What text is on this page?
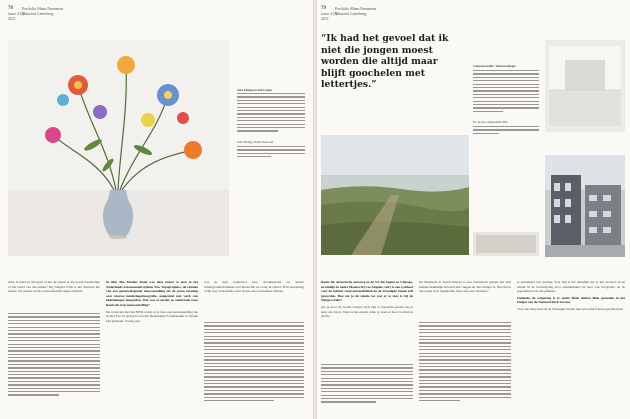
78
issue 4 (I)
2011
Portfolio Maan Eemnesse
Maureen Lenteberg
Sake Elzinga in Fall Colour
Sake Elzinga, Home Eenvoud

maar is kunst je afvragen of het de natuur is die wordt beschermd, of het beeld van die natuur? Bij Niagara Falls is het absoluut het laatste. De natuur wordt ook beschermd tegen zichzelf.

In film The Mother Road was deze zomer te zien in het Nederlands Fotomuseum tijdens New Topographics, de remake van een geenzwelegende tentoonstelling uit de jaren zeventig over nieuwe landschapsfotografie, aangevuld met werk van hedendaagse fotografen. Wat was er eerder, je onderzoek naar Route 66 of je tentoonstelling?

De contacten met het NFM waren er al door een tentoonstelling die ik met Fw: in opdracht van het Nederlands Fotomuseum in Spanie had gemaakt. Voorig jaar

was ik heel benieuwd naar documentatie en andere achtergrondinformatie over Route 66, en vroeg ik curator Frits Gierstberg of hij nog werk kende waar ik iets aan zou kunnen hebben.

79
issue 4 (I)
2011
Portfolio Maan Eemnesse
Maureen Lenteberg
“Ik had het gevoel dat ik niet die jongen moest worden die altijd maar blijft goochelen met lettertjes.”
Commonwealth / Dienstverlenger
Fw: Route, Amsterdam 2009

Route 66: historische autoweg in de VS die begint in Chicago, en eindigt in Santa Monica bij Los Angeles, red.) is een symbool voor de cultuur rond automobiliteit en de Verenigde Staten zelf geworden. Hoe zat je de relatie tot wat er te zien is bij de Niagara Falls?

Als je door de Grand Canyon rijdt zijn er bepaalde punten die je kent van foto's. Daar is het enorm druk, je staat er met z'n allen in de file.

De Badlands in South Dakota is een fantastisch gebied dat zich minder makkelijk in beeld laat vangen en dus rustiger is. Niet dat je daar geen bord tegenkomt, maar een paar 'tiptakes'.

er uitstekend wel gedaan. Voor mij is het duidelijk dat er iets erotisch in de natuur in de beschrijving door schilderkunst en later ook fotografie, en de populariteit van die plekken.

Ondanks de weigering is er onder Bush andere flink gesneden in het budget van de National Park Service.

Voor een lang land als de Verenigde Staten met een relatief korte geschiedenis
